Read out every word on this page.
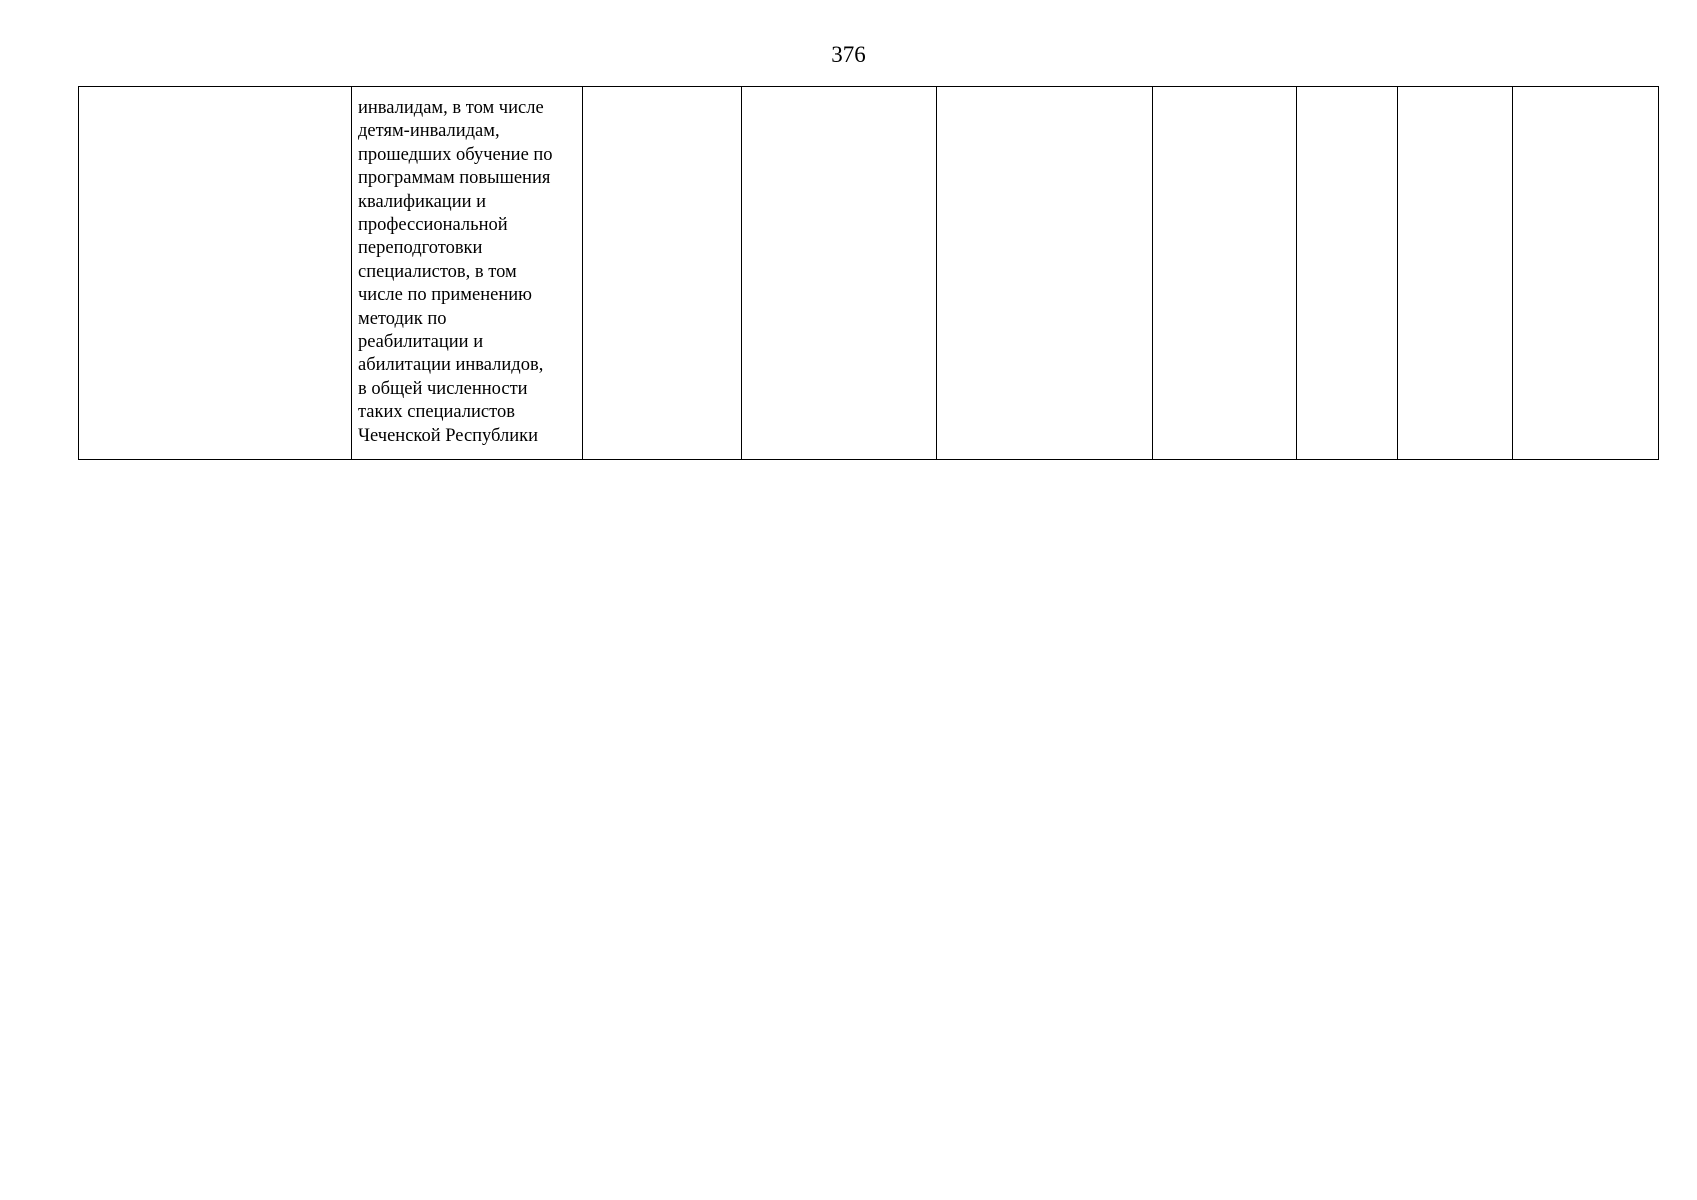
376

инвалидам, в том числе
детям-инвалидам,
прошедших обучение по
программам повышения
квалификации и
профессиональной
переподготовки
специалистов, в том
числе по применению
методик по
реабилитации и
абилитации инвалидов,
в общей численности
таких специалистов
Чеченской Республики
